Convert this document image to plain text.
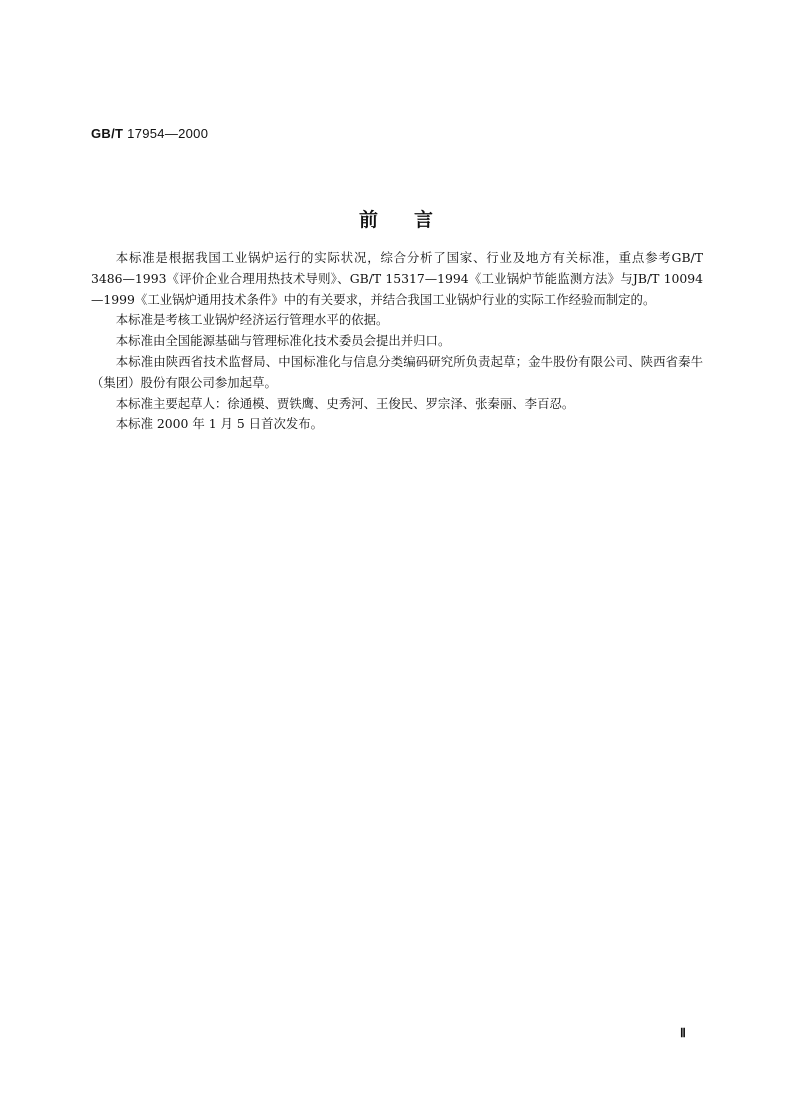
GB/T 17954—2000
前言

本标准是根据我国工业锅炉运行的实际状况，综合分析了国家、行业及地方有关标准，重点参考GB/T 3486—1993《评价企业合理用热技术导则》、GB/T 15317—1994《工业锅炉节能监测方法》与JB/T 10094—1999《工业锅炉通用技术条件》中的有关要求，并结合我国工业锅炉行业的实际工作经验而制定的。

本标准是考核工业锅炉经济运行管理水平的依据。

本标准由全国能源基础与管理标准化技术委员会提出并归口。

本标准由陕西省技术监督局、中国标准化与信息分类编码研究所负责起草；金牛股份有限公司、陕西省秦牛（集团）股份有限公司参加起草。

本标准主要起草人：徐通模、贾铁鹰、史秀河、王俊民、罗宗泽、张秦丽、李百忍。

本标准 2000 年 1 月 5 日首次发布。

Ⅱ
